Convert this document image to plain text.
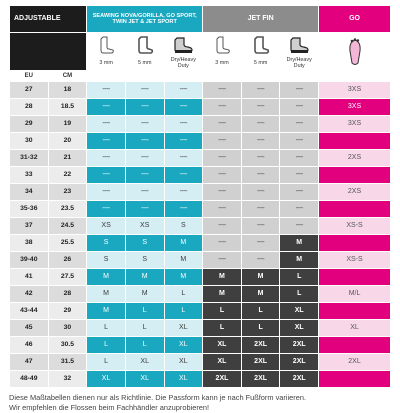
ADJUSTABLE		SEAWING NOVA/GORILLA, GO SPORT, TWIN JET & JET SPORT			JET FIN			GO

		3 mm	5 mm	Dry/Heavy Duty	3 mm	5 mm	Dry/Heavy Duty	
EU	CM							
27	18	----	----	----	----	----	----	3XS
28	18.5	----	----	----	----	----	----	3XS
29	19	----	----	----	----	----	----	3XS
30	20	----	----	----	----	----	----	
31-32	21	----	----	----	----	----	----	2XS
33	22	----	----	----	----	----	----	
34	23	----	----	----	----	----	----	2XS
35-36	23.5	----	----	----	----	----	----	
37	24.5	XS	XS	S	----	----	----	XS-S
38	25.5	S	S	M	----	----	M	
39-40	26	S	S	M	----	----	M	XS-S
41	27.5	M	M	M	M	M	L	
42	28	M	M	L	M	M	L	M/L
43-44	29	M	L	L	L	L	XL	
45	30	L	L	XL	L	L	XL	XL
46	30.5	L	L	XL	XL	2XL	2XL	
47	31.5	L	XL	XL	XL	2XL	2XL	2XL
48-49	32	XL	XL	XL	2XL	2XL	2XL	
Diese Maßtabellen dienen nur als Richtlinie. Die Passform kann je nach Fußform variieren.
Wir empfehlen die Flossen beim Fachhändler anzuprobieren!
